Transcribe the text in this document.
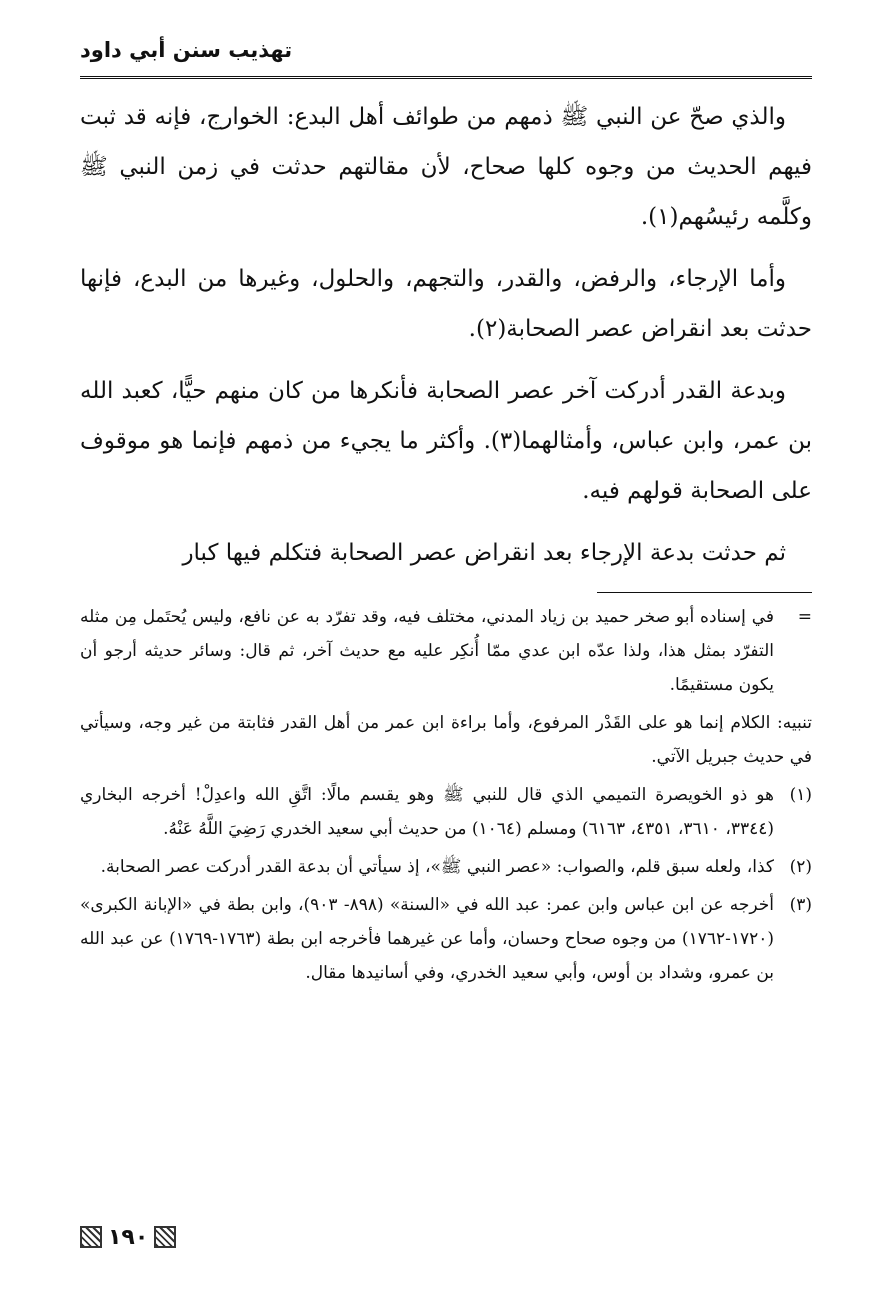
تهذيب سنن أبي داود

والذي صحّ عن النبي ﷺ ذمهم من طوائف أهل البدع: الخوارج، فإنه قد ثبت فيهم الحديث من وجوه كلها صحاح، لأن مقالتهم حدثت في زمن النبي ﷺ وكلَّمه رئيسُهم(١).

وأما الإرجاء، والرفض، والقدر، والتجهم، والحلول، وغيرها من البدع، فإنها حدثت بعد انقراض عصر الصحابة(٢).

وبدعة القدر أدركت آخر عصر الصحابة فأنكرها من كان منهم حيًّا، كعبد الله بن عمر، وابن عباس، وأمثالهما(٣). وأكثر ما يجيء من ذمهم فإنما هو موقوف على الصحابة قولهم فيه.

ثم حدثت بدعة الإرجاء بعد انقراض عصر الصحابة فتكلم فيها كبار

=
في إسناده أبو صخر حميد بن زياد المدني، مختلف فيه، وقد تفرّد به عن نافع، وليس يُحتَمل مِن مثله التفرّد بمثل هذا، ولذا عدّه ابن عدي ممّا أُنكِر عليه مع حديث آخر، ثم قال: وسائر حديثه أرجو أن يكون مستقيمًا.
تنبيه: الكلام إنما هو على القَدْر المرفوع، وأما براءة ابن عمر من أهل القدر فثابتة من غير وجه، وسيأتي في حديث جبريل الآتي.
(١)
هو ذو الخويصرة التميمي الذي قال للنبي ﷺ وهو يقسم مالًا: اتَّقِ الله واعدِلْ! أخرجه البخاري (٣٣٤٤، ٣٦١٠، ٤٣٥١، ٦١٦٣) ومسلم (١٠٦٤) من حديث أبي سعيد الخدري رَضِيَ اللَّهُ عَنْهُ.
(٢)
كذا، ولعله سبق قلم، والصواب: «عصر النبي ﷺ»، إذ سيأتي أن بدعة القدر أدركت عصر الصحابة.
(٣)
أخرجه عن ابن عباس وابن عمر: عبد الله في «السنة» (٨٩٨- ٩٠٣)، وابن بطة في «الإبانة الكبرى» (١٧٢٠-١٧٦٢) من وجوه صحاح وحسان، وأما عن غيرهما فأخرجه ابن بطة (١٧٦٣-١٧٦٩) عن عبد الله بن عمرو، وشداد بن أوس، وأبي سعيد الخدري، وفي أسانيدها مقال.
١٩٠
